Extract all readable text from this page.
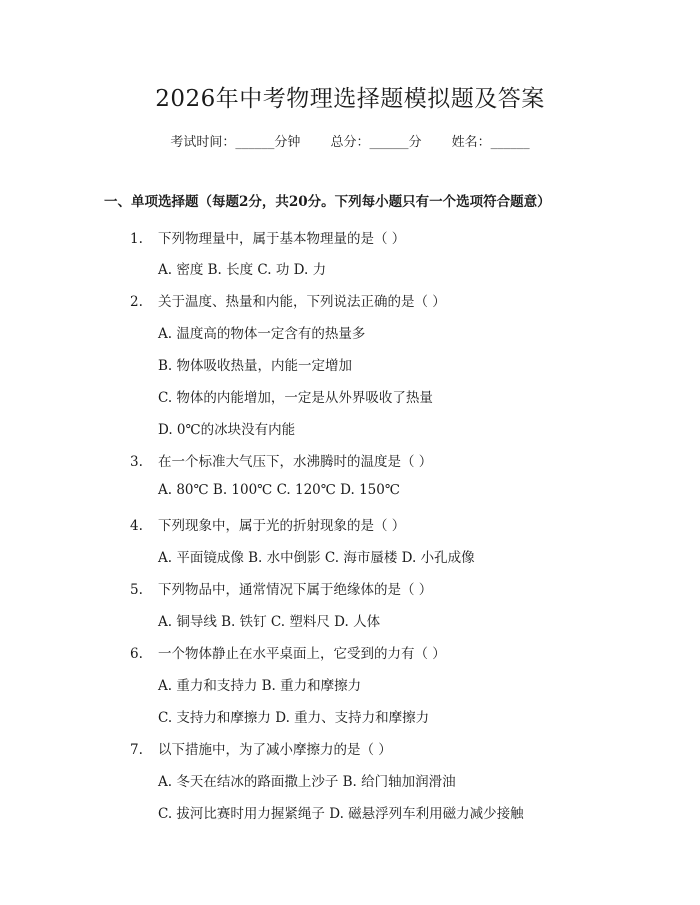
2026年中考物理选择题模拟题及答案
考试时间：______分钟 总分：______分 姓名：______
一、单项选择题（每题2分，共20分。下列每小题只有一个选项符合题意）
1. 下列物理量中，属于基本物理量的是（ ）
A. 密度 B. 长度 C. 功 D. 力
2. 关于温度、热量和内能，下列说法正确的是（ ）
A. 温度高的物体一定含有的热量多
B. 物体吸收热量，内能一定增加
C. 物体的内能增加，一定是从外界吸收了热量
D. 0℃的冰块没有内能
3. 在一个标准大气压下，水沸腾时的温度是（ ）
A. 80℃ B. 100℃ C. 120℃ D. 150℃
4. 下列现象中，属于光的折射现象的是（ ）
A. 平面镜成像 B. 水中倒影 C. 海市蜃楼 D. 小孔成像
5. 下列物品中，通常情况下属于绝缘体的是（ ）
A. 铜导线 B. 铁钉 C. 塑料尺 D. 人体
6. 一个物体静止在水平桌面上，它受到的力有（ ）
A. 重力和支持力 B. 重力和摩擦力
C. 支持力和摩擦力 D. 重力、支持力和摩擦力
7. 以下措施中，为了减小摩擦力的是（ ）
A. 冬天在结冰的路面撒上沙子 B. 给门轴加润滑油
C. 拔河比赛时用力握紧绳子 D. 磁悬浮列车利用磁力减少接触
